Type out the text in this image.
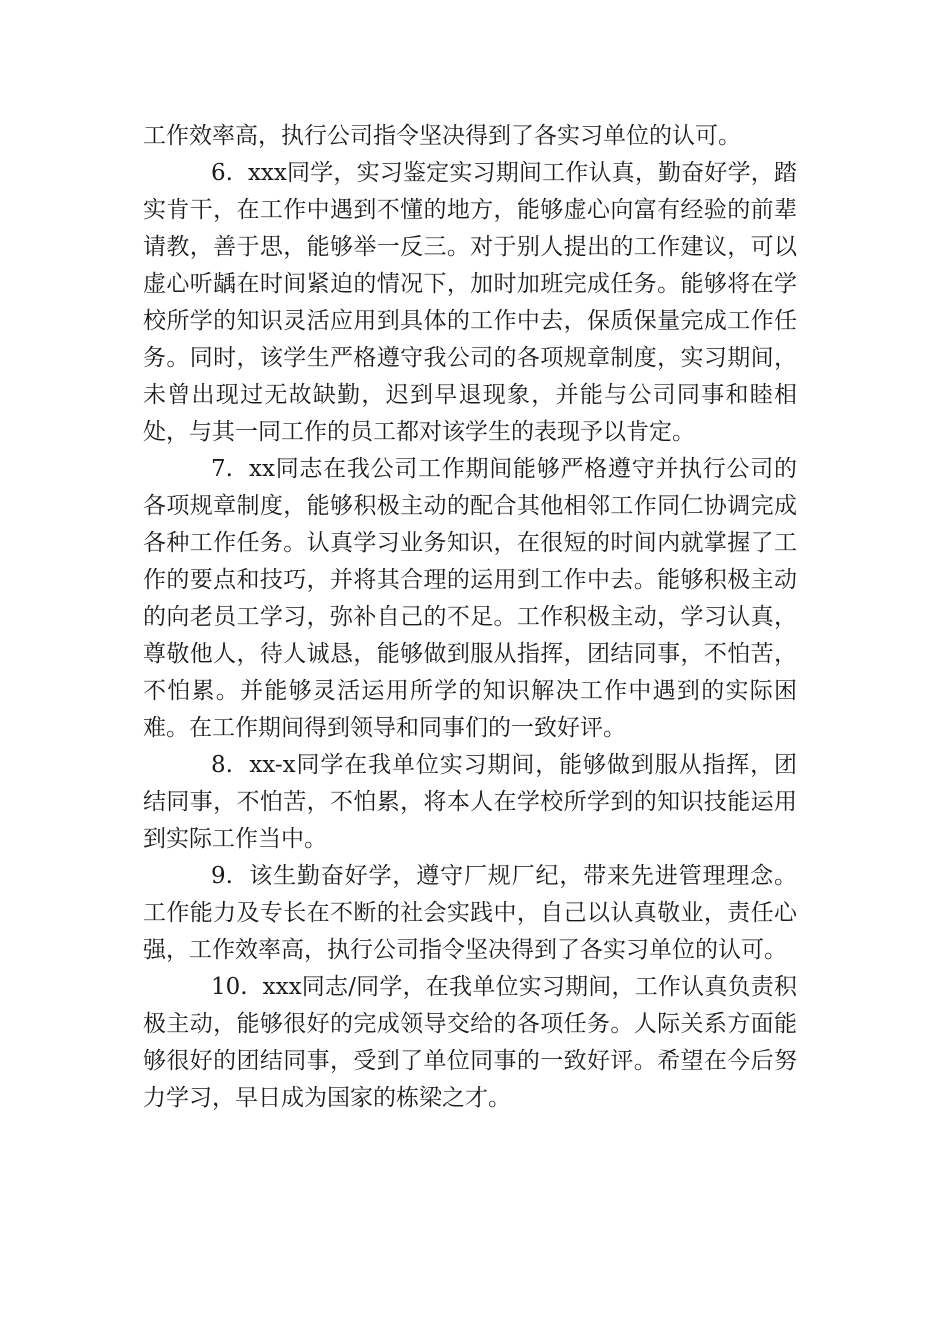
工作效率高，执行公司指令坚决得到了各实习单位的认可。

6. xxx同学，实习鉴定实习期间工作认真，勤奋好学，踏实肯干，在工作中遇到不懂的地方，能够虚心向富有经验的前辈请教，善于思，能够举一反三。对于别人提出的工作建议，可以虚心听龋在时间紧迫的情况下，加时加班完成任务。能够将在学校所学的知识灵活应用到具体的工作中去，保质保量完成工作任务。同时，该学生严格遵守我公司的各项规章制度，实习期间，未曾出现过无故缺勤，迟到早退现象，并能与公司同事和睦相处，与其一同工作的员工都对该学生的表现予以肯定。

7. xx同志在我公司工作期间能够严格遵守并执行公司的各项规章制度，能够积极主动的配合其他相邻工作同仁协调完成各种工作任务。认真学习业务知识，在很短的时间内就掌握了工作的要点和技巧，并将其合理的运用到工作中去。能够积极主动的向老员工学习，弥补自己的不足。工作积极主动，学习认真，尊敬他人，待人诚恳，能够做到服从指挥，团结同事，不怕苦，不怕累。并能够灵活运用所学的知识解决工作中遇到的实际困难。在工作期间得到领导和同事们的一致好评。

8. xx-x同学在我单位实习期间，能够做到服从指挥，团结同事，不怕苦，不怕累，将本人在学校所学到的知识技能运用到实际工作当中。

9. 该生勤奋好学，遵守厂规厂纪，带来先进管理理念。工作能力及专长在不断的社会实践中，自己以认真敬业，责任心强，工作效率高，执行公司指令坚决得到了各实习单位的认可。

10. xxx同志/同学，在我单位实习期间，工作认真负责积极主动，能够很好的完成领导交给的各项任务。人际关系方面能够很好的团结同事，受到了单位同事的一致好评。希望在今后努力学习，早日成为国家的栋梁之才。
